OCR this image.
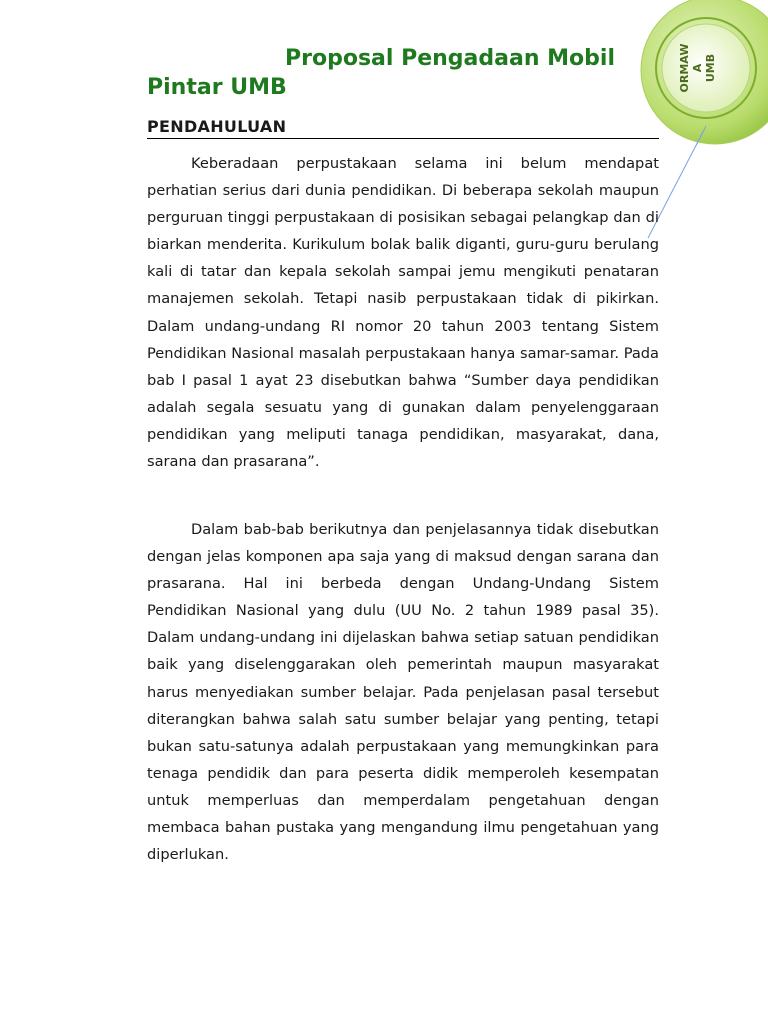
ORMAW A UMB
Proposal Pengadaan Mobil
Pintar UMB
PENDAHULUAN

Keberadaan perpustakaan selama ini belum mendapat perhatian serius dari dunia pendidikan. Di beberapa sekolah maupun perguruan tinggi perpustakaan di posisikan sebagai pelangkap dan di biarkan menderita. Kurikulum bolak balik diganti, guru-guru berulang kali di tatar dan kepala sekolah sampai jemu mengikuti penataran manajemen sekolah. Tetapi nasib perpustakaan tidak di pikirkan. Dalam undang-undang RI nomor 20 tahun 2003 tentang Sistem Pendidikan Nasional masalah perpustakaan hanya samar-samar. Pada bab I pasal 1 ayat 23 disebutkan bahwa “Sumber daya pendidikan adalah segala sesuatu yang di gunakan dalam penyelenggaraan pendidikan yang meliputi tanaga pendidikan, masyarakat, dana, sarana dan prasarana”.

Dalam bab-bab berikutnya dan penjelasannya tidak disebutkan dengan jelas komponen apa saja yang di maksud dengan sarana dan prasarana. Hal ini berbeda dengan Undang-Undang Sistem Pendidikan Nasional yang dulu (UU No. 2 tahun 1989 pasal 35). Dalam undang-undang ini dijelaskan bahwa setiap satuan pendidikan baik yang diselenggarakan oleh pemerintah maupun masyarakat harus menyediakan sumber belajar. Pada penjelasan pasal tersebut diterangkan bahwa salah satu sumber belajar yang penting, tetapi bukan satu-satunya adalah perpustakaan yang memungkinkan para tenaga pendidik dan para peserta didik memperoleh kesempatan untuk memperluas dan memperdalam pengetahuan dengan membaca bahan pustaka yang mengandung ilmu pengetahuan yang diperlukan.
